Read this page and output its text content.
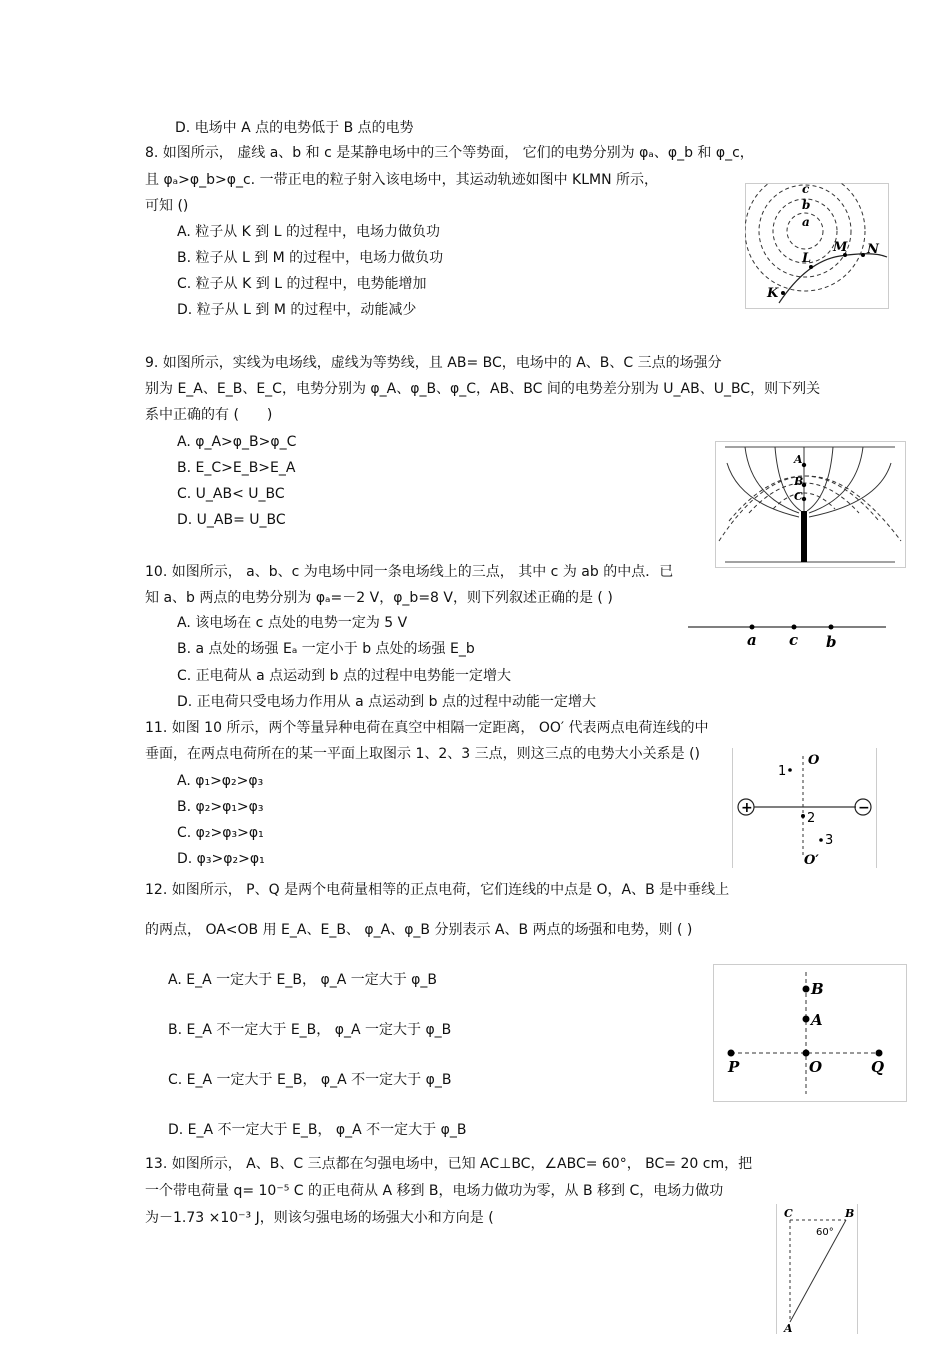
D. 电场中 A 点的电势低于 B 点的电势
8. 如图所示， 虚线 a、b 和 c 是某静电场中的三个等势面， 它们的电势分别为 φₐ、φ_b 和 φ_c，
且 φₐ>φ_b>φ_c. 一带正电的粒子射入该电场中，其运动轨迹如图中 KLMN 所示，
可知 ()
A. 粒子从 K 到 L 的过程中，电场力做负功
B. 粒子从 L 到 M 的过程中，电场力做负功
C. 粒子从 K 到 L 的过程中，电势能增加
D. 粒子从 L 到 M 的过程中，动能减少
c
b
a
K
L
M N
9. 如图所示，实线为电场线，虚线为等势线，且 AB= BC，电场中的 A、B、C 三点的场强分
别为 E_A、E_B、E_C，电势分别为 φ_A、φ_B、φ_C，AB、BC 间的电势差分别为 U_AB、U_BC，则下列关
系中正确的有 (　　)
A. φ_A>φ_B>φ_C
B. E_C>E_B>E_A
C. U_AB< U_BC
D. U_AB= U_BC
A
B
C
10. 如图所示， a、b、c 为电场中同一条电场线上的三点， 其中 c 为 ab 的中点．已
知 a、b 两点的电势分别为 φₐ=－2 V，φ_b=8 V，则下列叙述正确的是 ( )
A. 该电场在 c 点处的电势一定为 5 V
B. a 点处的场强 Eₐ 一定小于 b 点处的场强 E_b
C. 正电荷从 a 点运动到 b 点的过程中电势能一定增大
D. 正电荷只受电场力作用从 a 点运动到 b 点的过程中动能一定增大
a c b
11. 如图 10 所示，两个等量异种电荷在真空中相隔一定距离， OO′ 代表两点电荷连线的中
垂面，在两点电荷所在的某一平面上取图示 1、2、3 三点，则这三点的电势大小关系是 ()
A. φ₁>φ₂>φ₃
B. φ₂>φ₁>φ₃
C. φ₂>φ₃>φ₁
D. φ₃>φ₂>φ₁
+	−
O
1
2
3
O′
12. 如图所示， P、Q 是两个电荷量相等的正点电荷，它们连线的中点是 O，A、B 是中垂线上
的两点， OA<OB 用 E_A、E_B、 φ_A、φ_B 分别表示 A、B 两点的场强和电势，则 ( )
A. E_A 一定大于 E_B， φ_A 一定大于 φ_B
B. E_A 不一定大于 E_B， φ_A 一定大于 φ_B
C. E_A 一定大于 E_B， φ_A 不一定大于 φ_B
D. E_A 不一定大于 E_B， φ_A 不一定大于 φ_B
B
A
P	O	Q
13. 如图所示， A、B、C 三点都在匀强电场中，已知 AC⊥BC，∠ABC= 60°， BC= 20 cm，把
一个带电荷量 q= 10⁻⁵ C 的正电荷从 A 移到 B，电场力做功为零，从 B 移到 C，电场力做功
为－1.73 ×10⁻³ J，则该匀强电场的场强大小和方向是 (	C	B
A
60°
